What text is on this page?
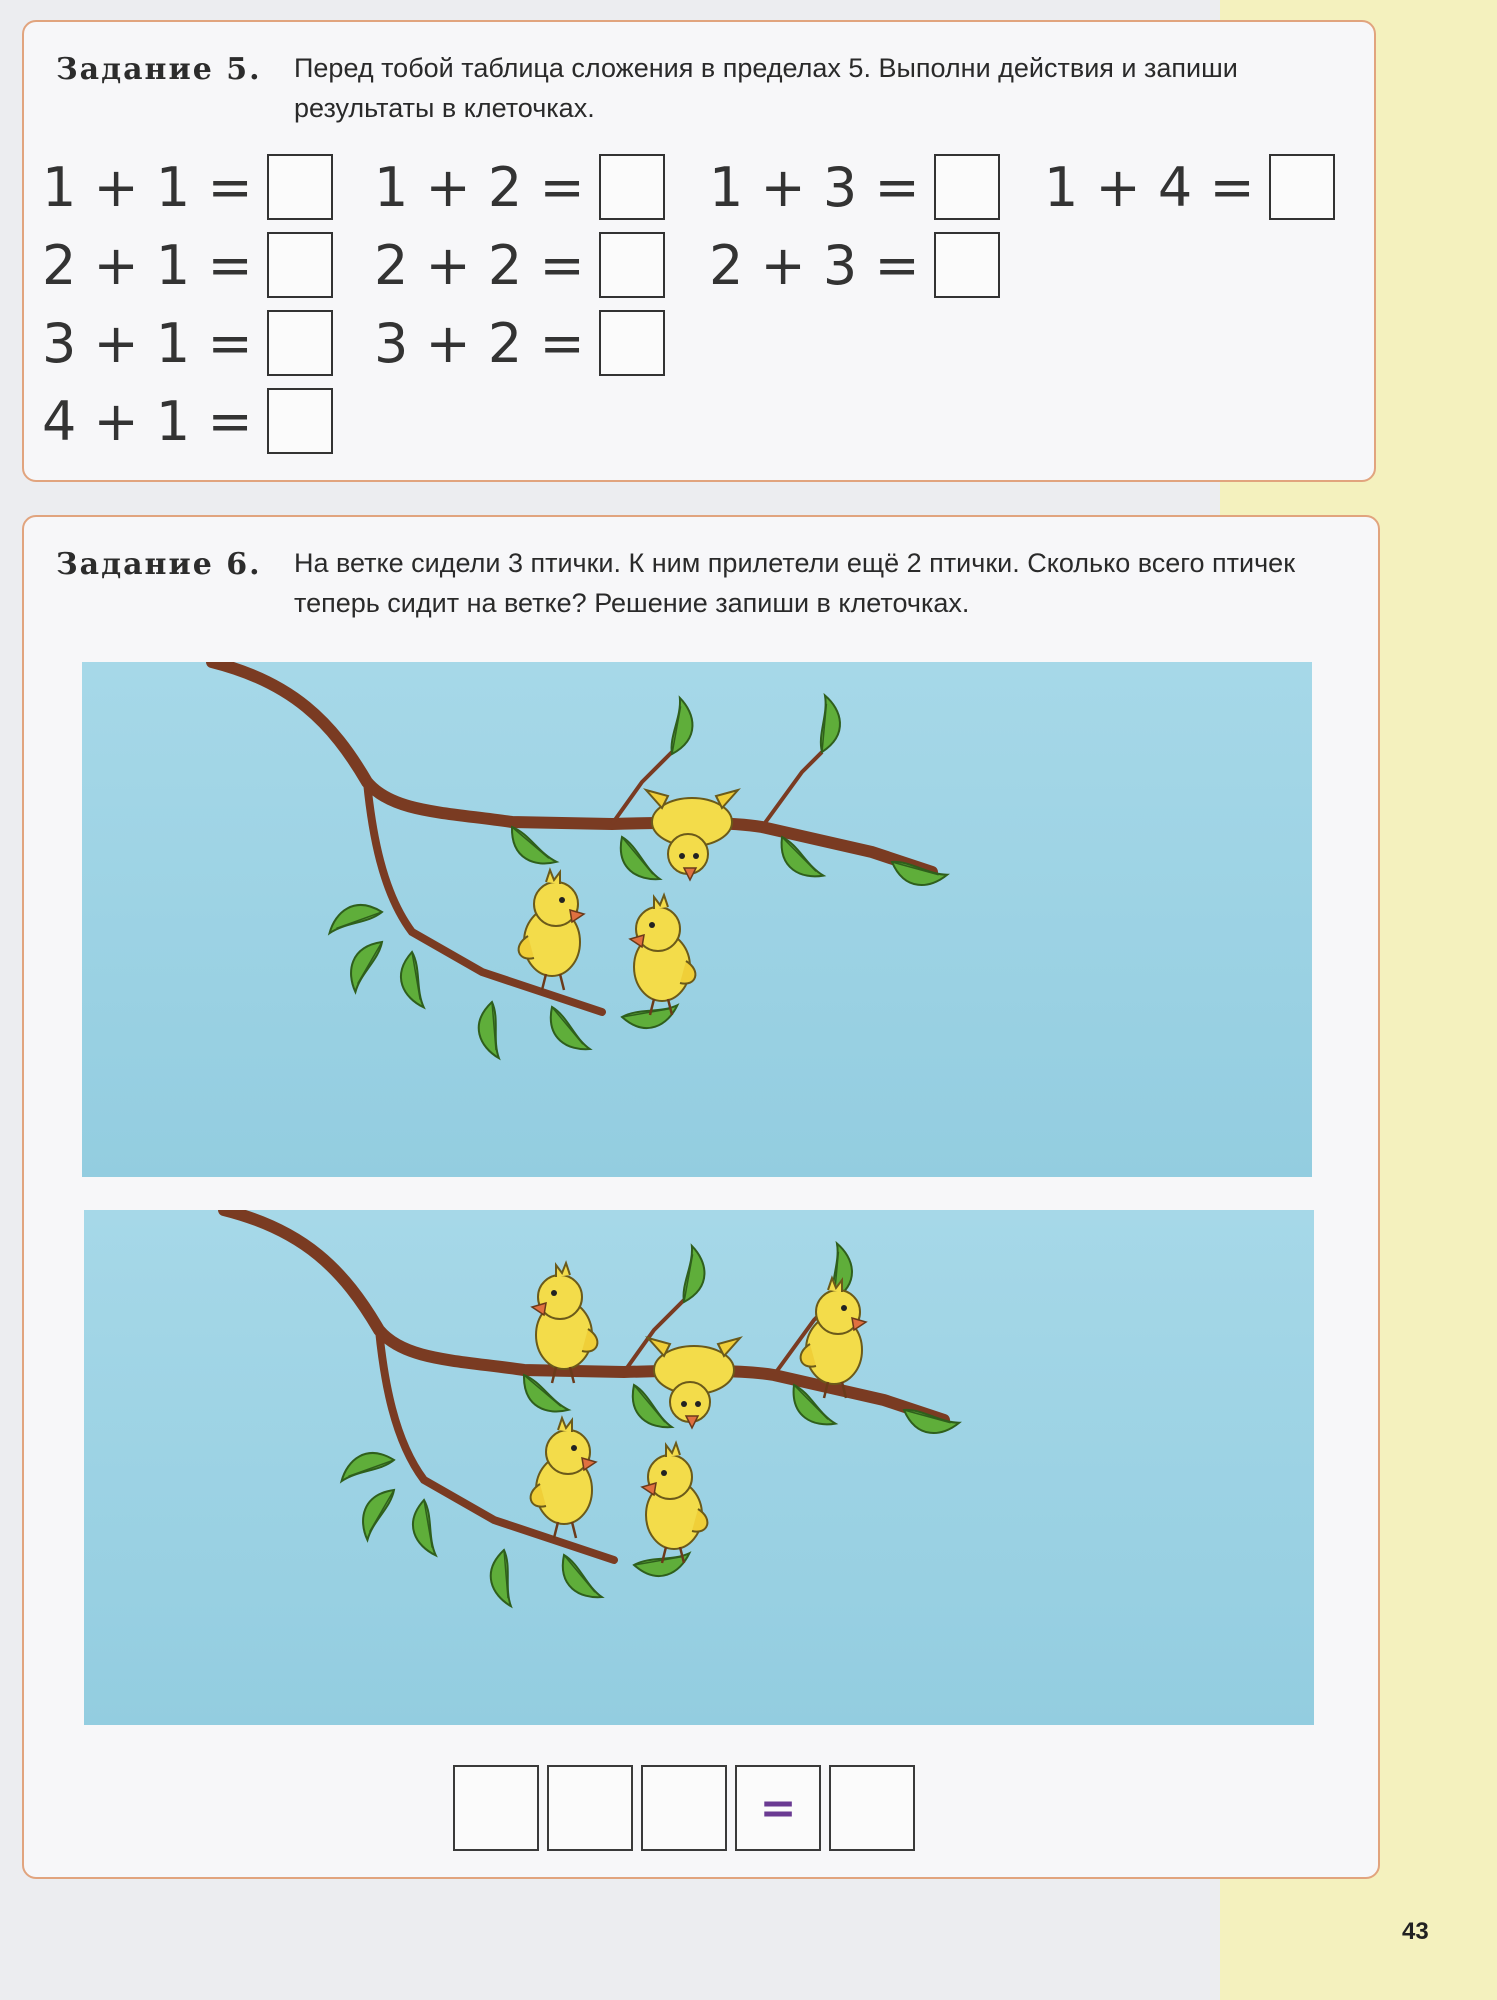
Задание 5. Перед тобой таблица сложения в пределах 5. Выполни действия и запиши результаты в клеточках.
1 + 1 = 1 + 2 = 1 + 3 = 1 + 4 =
2 + 1 = 2 + 2 = 2 + 3 =
3 + 1 = 3 + 2 =
4 + 1 =
Задание 6. На ветке сидели 3 птички. К ним прилетели ещё 2 птички. Сколько всего птичек теперь сидит на ветке? Решение запиши в клеточках.
=
43
